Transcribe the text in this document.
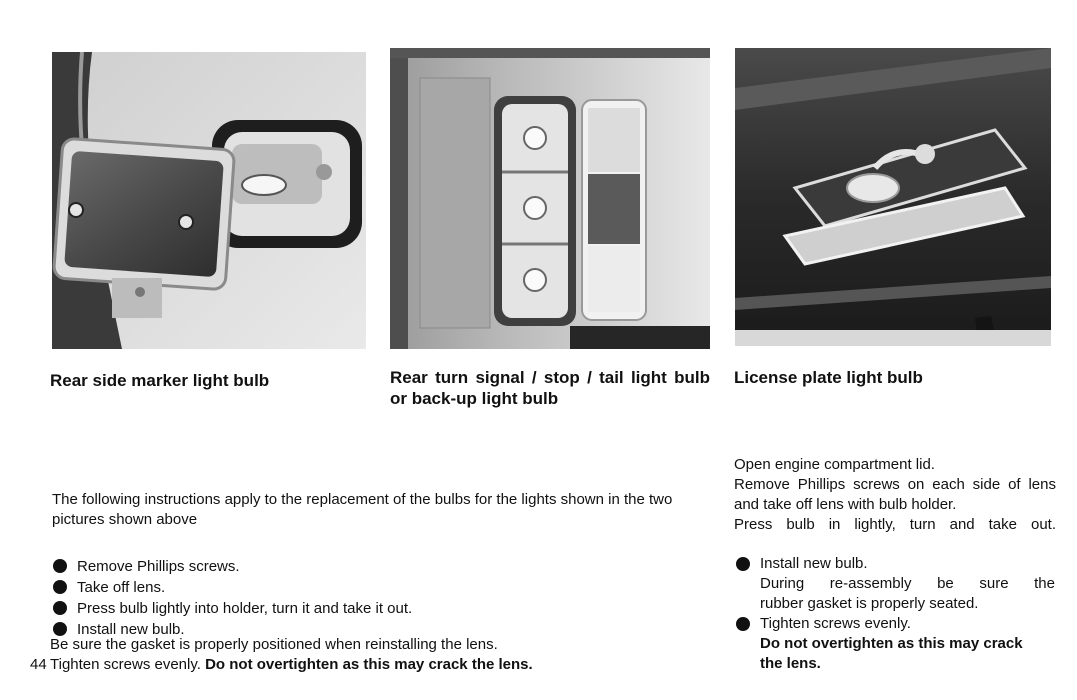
Rear side marker light bulb	Rear turn signal / stop / tail light bulb or back-up light bulb
License plate light bulb
The following instructions apply to the replacement of the bulbs for the lights shown in the two pictures shown above
Remove Phillips screws.
Take off lens.
Press bulb lightly into holder, turn it and take it out.
Install new bulb.
Be sure the gasket is properly positioned when reinstalling the lens.
Tighten screws evenly. Do not overtighten as this may crack the lens.
44

Open engine compartment lid.

Remove Phillips screws on each side of lens and take off lens with bulb holder.

Press bulb in lightly, turn and take out.

Install new bulb.
During re-assembly be sure the
rubber gasket is properly seated.
Tighten screws evenly.
Do not overtighten as this may crack
the lens.
